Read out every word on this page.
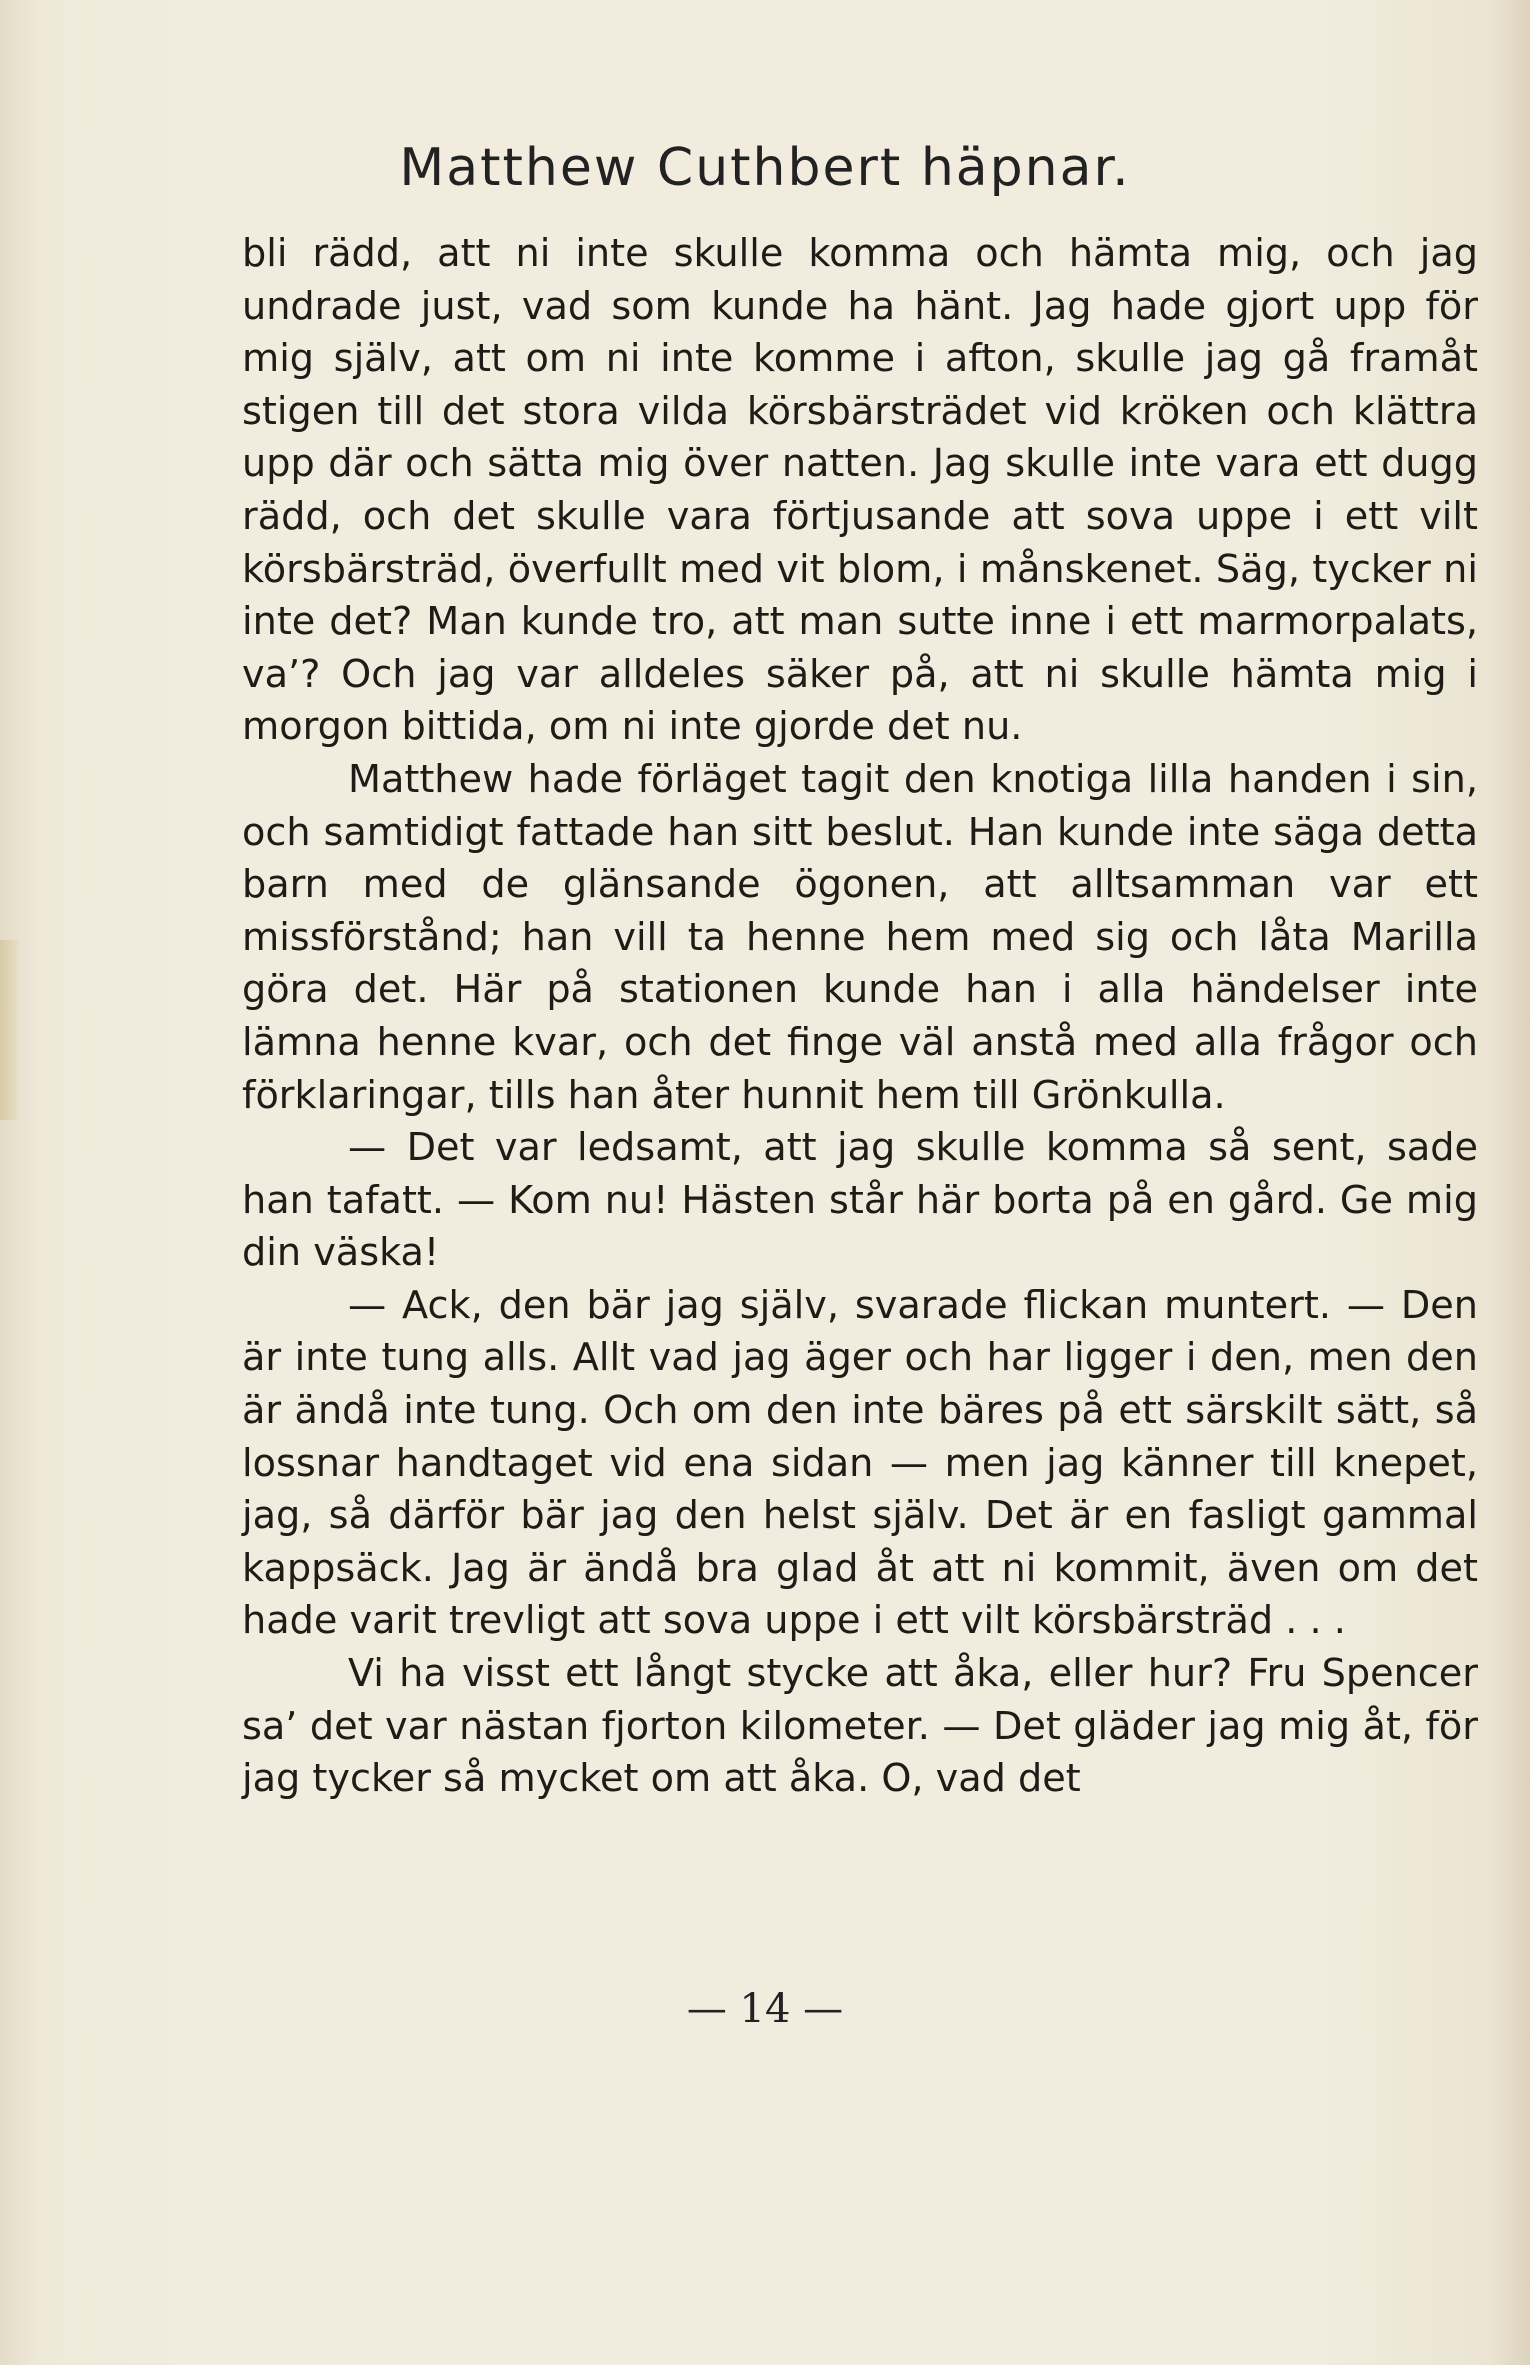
Matthew Cuthbert häpnar.

bli rädd, att ni inte skulle komma och hämta mig, och jag undrade just, vad som kunde ha hänt. Jag hade gjort upp för mig själv, att om ni inte komme i afton, skulle jag gå framåt stigen till det stora vilda körsbärsträdet vid kröken och klättra upp där och sätta mig över natten. Jag skulle inte vara ett dugg rädd, och det skulle vara förtjusande att sova uppe i ett vilt körsbärsträd, överfullt med vit blom, i månskenet. Säg, tycker ni inte det? Man kunde tro, att man sutte inne i ett marmorpalats, va’? Och jag var alldeles säker på, att ni skulle hämta mig i morgon bittida, om ni inte gjorde det nu.

Matthew hade förläget tagit den knotiga lilla handen i sin, och samtidigt fattade han sitt beslut. Han kunde inte säga detta barn med de glänsande ögonen, att alltsamman var ett missförstånd; han vill ta henne hem med sig och låta Marilla göra det. Här på stationen kunde han i alla händelser inte lämna henne kvar, och det finge väl anstå med alla frågor och förklaringar, tills han åter hunnit hem till Grönkulla.

— Det var ledsamt, att jag skulle komma så sent, sade han tafatt. — Kom nu! Hästen står här borta på en gård. Ge mig din väska!

— Ack, den bär jag själv, svarade flickan muntert. — Den är inte tung alls. Allt vad jag äger och har ligger i den, men den är ändå inte tung. Och om den inte bäres på ett särskilt sätt, så lossnar handtaget vid ena sidan — men jag känner till knepet, jag, så därför bär jag den helst själv. Det är en fasligt gammal kappsäck. Jag är ändå bra glad åt att ni kommit, även om det hade varit trevligt att sova uppe i ett vilt körsbärsträd . . .

Vi ha visst ett långt stycke att åka, eller hur? Fru Spencer sa’ det var nästan fjorton kilometer. — Det gläder jag mig åt, för jag tycker så mycket om att åka. O, vad det

— 14 —
